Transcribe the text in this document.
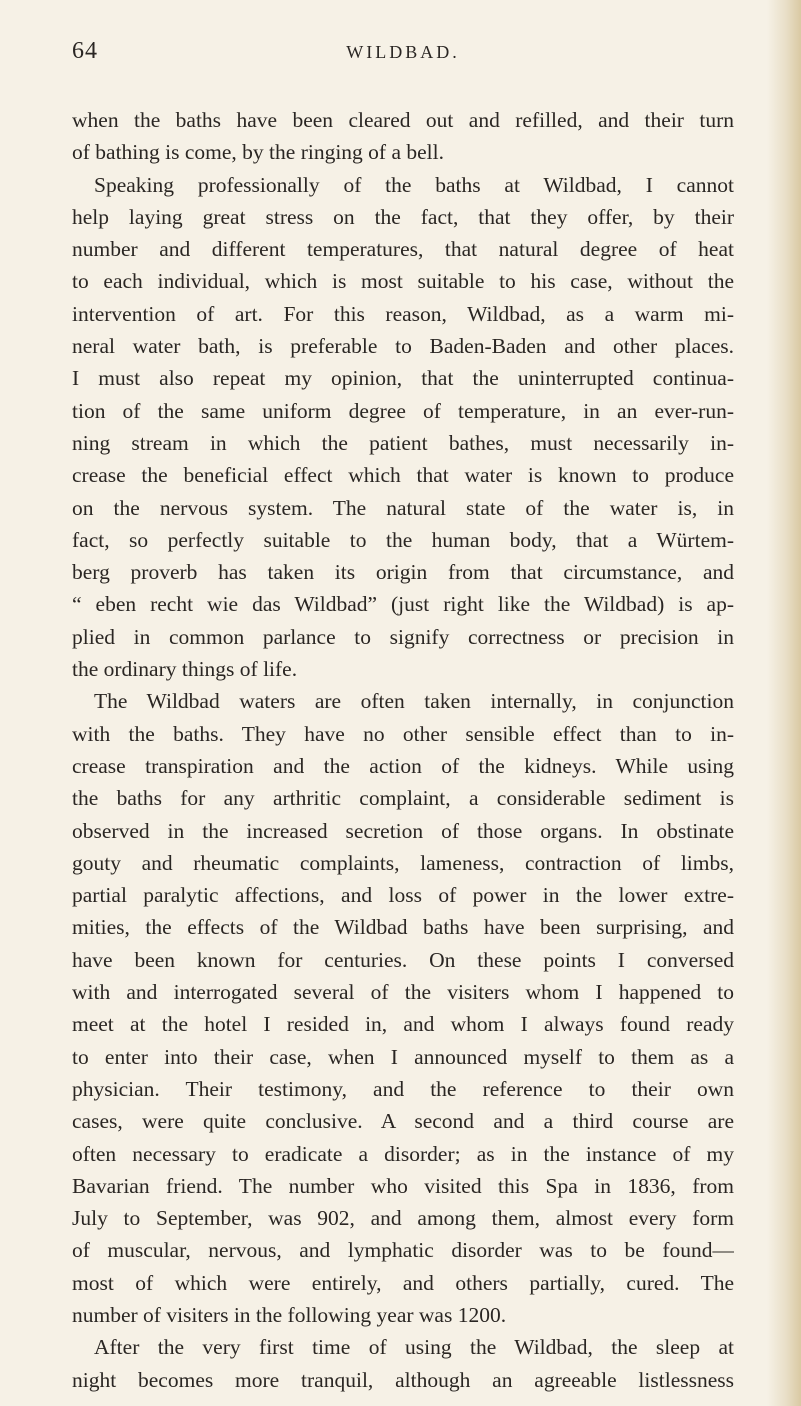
64	WILDBAD.
when the baths have been cleared out and refilled, and their turn
of bathing is come, by the ringing of a bell.
Speaking professionally of the baths at Wildbad, I cannot
help laying great stress on the fact, that they offer, by their
number and different temperatures, that natural degree of heat
to each individual, which is most suitable to his case, without the
intervention of art. For this reason, Wildbad, as a warm mi-
neral water bath, is preferable to Baden-Baden and other places.
I must also repeat my opinion, that the uninterrupted continua-
tion of the same uniform degree of temperature, in an ever-run-
ning stream in which the patient bathes, must necessarily in-
crease the beneficial effect which that water is known to produce
on the nervous system. The natural state of the water is, in
fact, so perfectly suitable to the human body, that a Würtem-
berg proverb has taken its origin from that circumstance, and
“ eben recht wie das Wildbad” (just right like the Wildbad) is ap-
plied in common parlance to signify correctness or precision in
the ordinary things of life.
The Wildbad waters are often taken internally, in conjunction
with the baths. They have no other sensible effect than to in-
crease transpiration and the action of the kidneys. While using
the baths for any arthritic complaint, a considerable sediment is
observed in the increased secretion of those organs. In obstinate
gouty and rheumatic complaints, lameness, contraction of limbs,
partial paralytic affections, and loss of power in the lower extre-
mities, the effects of the Wildbad baths have been surprising, and
have been known for centuries. On these points I conversed
with and interrogated several of the visiters whom I happened to
meet at the hotel I resided in, and whom I always found ready
to enter into their case, when I announced myself to them as a
physician. Their testimony, and the reference to their own
cases, were quite conclusive. A second and a third course are
often necessary to eradicate a disorder; as in the instance of my
Bavarian friend. The number who visited this Spa in 1836, from
July to September, was 902, and among them, almost every form
of muscular, nervous, and lymphatic disorder was to be found—
most of which were entirely, and others partially, cured. The
number of visiters in the following year was 1200.
After the very first time of using the Wildbad, the sleep at
night becomes more tranquil, although an agreeable listlessness
